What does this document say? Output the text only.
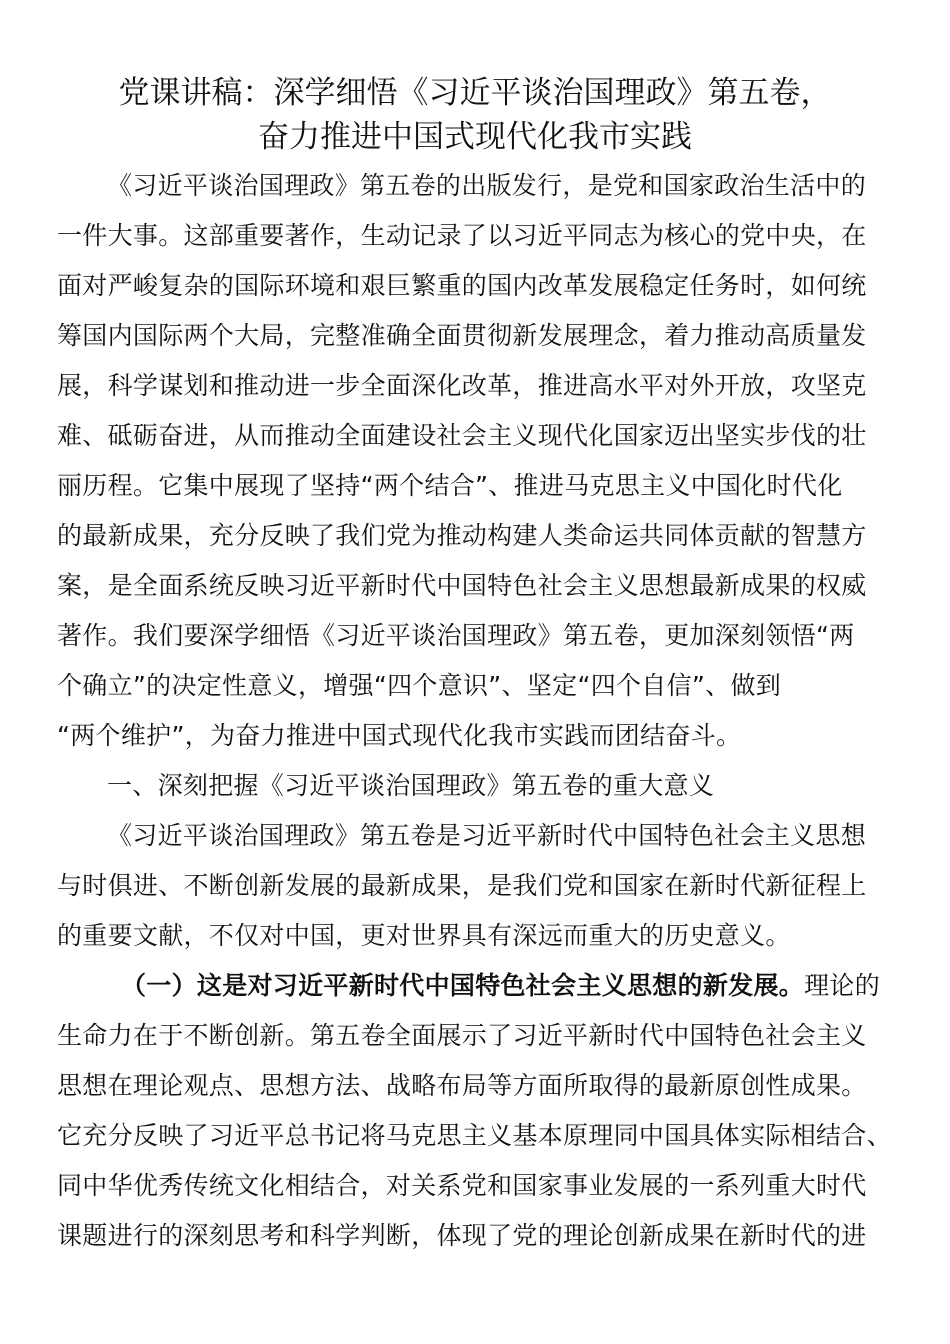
党课讲稿：深学细悟《习近平谈治国理政》第五卷，
奋力推进中国式现代化我市实践
《习近平谈治国理政》第五卷的出版发行，是党和国家政治生活中的
一件大事。这部重要著作，生动记录了以习近平同志为核心的党中央，在
面对严峻复杂的国际环境和艰巨繁重的国内改革发展稳定任务时，如何统
筹国内国际两个大局，完整准确全面贯彻新发展理念，着力推动高质量发
展，科学谋划和推动进一步全面深化改革，推进高水平对外开放，攻坚克
难、砥砺奋进，从而推动全面建设社会主义现代化国家迈出坚实步伐的壮
丽历程。它集中展现了坚持“两个结合”、推进马克思主义中国化时代化
的最新成果，充分反映了我们党为推动构建人类命运共同体贡献的智慧方
案，是全面系统反映习近平新时代中国特色社会主义思想最新成果的权威
著作。我们要深学细悟《习近平谈治国理政》第五卷，更加深刻领悟“两
个确立”的决定性意义，增强“四个意识”、坚定“四个自信”、做到
“两个维护”，为奋力推进中国式现代化我市实践而团结奋斗。
一、深刻把握《习近平谈治国理政》第五卷的重大意义
《习近平谈治国理政》第五卷是习近平新时代中国特色社会主义思想
与时俱进、不断创新发展的最新成果，是我们党和国家在新时代新征程上
的重要文献，不仅对中国，更对世界具有深远而重大的历史意义。
（一）这是对习近平新时代中国特色社会主义思想的新发展。理论的
生命力在于不断创新。第五卷全面展示了习近平新时代中国特色社会主义
思想在理论观点、思想方法、战略布局等方面所取得的最新原创性成果。
它充分反映了习近平总书记将马克思主义基本原理同中国具体实际相结合、
同中华优秀传统文化相结合，对关系党和国家事业发展的一系列重大时代
课题进行的深刻思考和科学判断，体现了党的理论创新成果在新时代的进
